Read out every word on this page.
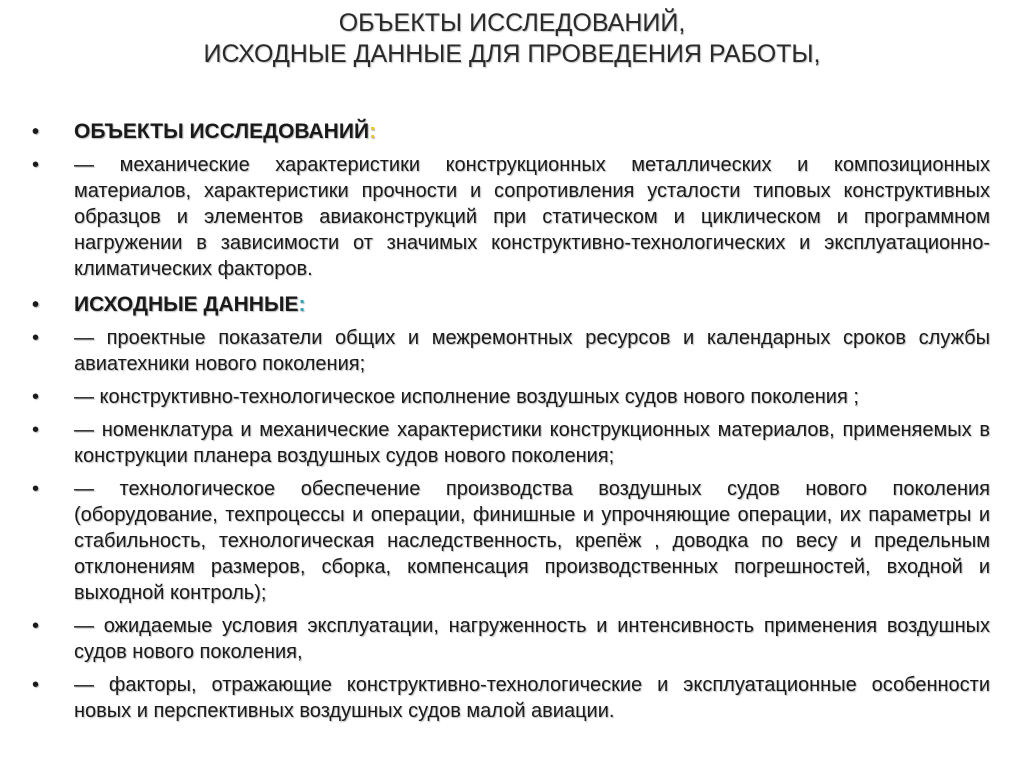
ОБЪЕКТЫ ИССЛЕДОВАНИЙ,
ИСХОДНЫЕ ДАННЫЕ ДЛЯ ПРОВЕДЕНИЯ РАБОТЫ,
•	ОБЪЕКТЫ ИССЛЕДОВАНИЙ:
•	— механические характеристики конструкционных металлических и композиционных материалов, характеристики прочности и сопротивления усталости типовых конструктивных образцов и элементов авиаконструкций при статическом и циклическом и программном нагружении в зависимости от значимых конструктивно-технологических и эксплуатационно-климатических факторов.
•	ИСХОДНЫЕ ДАННЫЕ:
•	— проектные показатели общих и межремонтных ресурсов и календарных сроков службы авиатехники нового поколения;
•	— конструктивно-технологическое исполнение воздушных судов нового поколения ;
•	— номенклатура и механические характеристики конструкционных материалов, применяемых в конструкции планера воздушных судов нового поколения;
•	— технологическое обеспечение производства воздушных судов нового поколения (оборудование, техпроцессы и операции, финишные и упрочняющие операции, их параметры и стабильность, технологическая наследственность, крепёж , доводка по весу и предельным отклонениям размеров, сборка, компенсация производственных погрешностей, входной и выходной контроль);
•	— ожидаемые условия эксплуатации, нагруженность и интенсивность применения воздушных судов нового поколения,
•	— факторы, отражающие конструктивно-технологические и эксплуатационные особенности новых и перспективных воздушных судов малой авиации.
